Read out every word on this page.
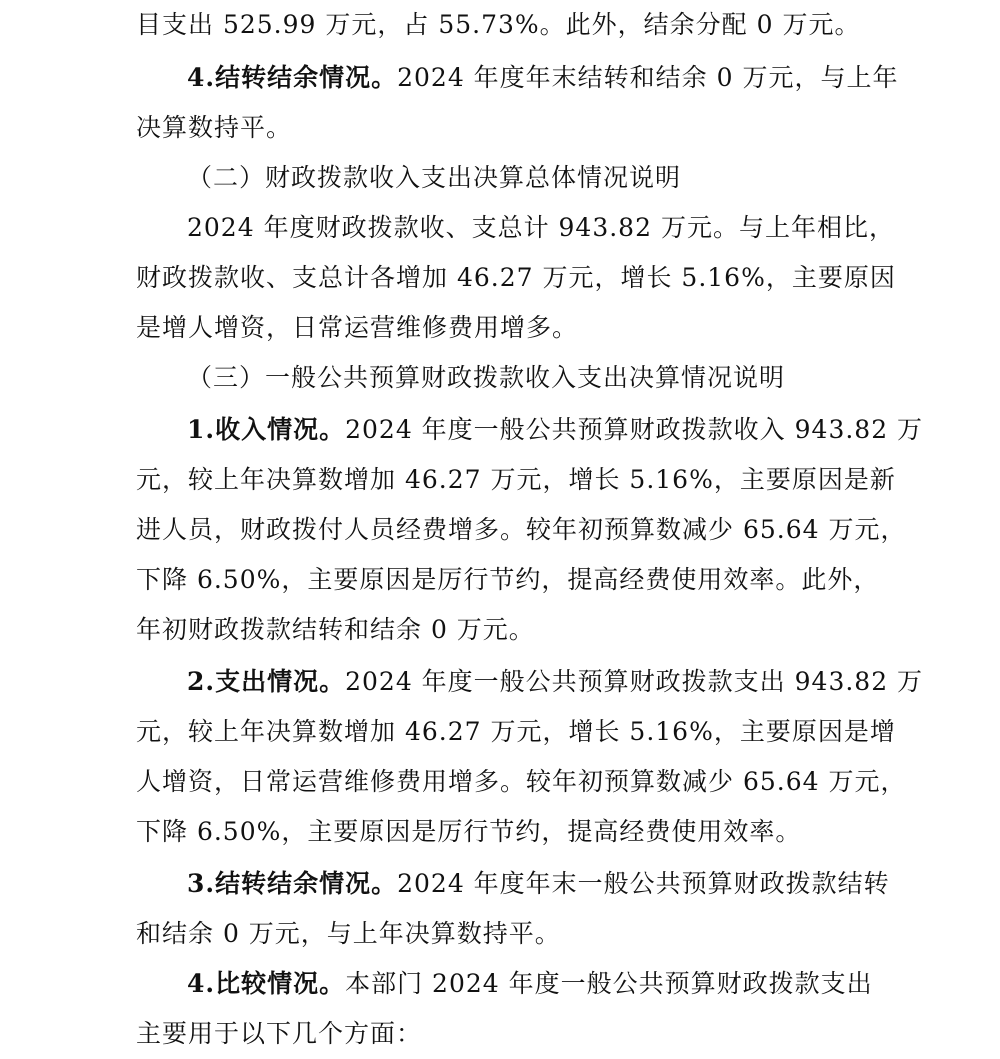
目支出 525.99 万元，占 55.73%。此外，结余分配 0 万元。
4.结转结余情况。2024 年度年末结转和结余 0 万元，与上年
决算数持平。
（二）财政拨款收入支出决算总体情况说明
2024 年度财政拨款收、支总计 943.82 万元。与上年相比，
财政拨款收、支总计各增加 46.27 万元，增长 5.16%，主要原因
是增人增资，日常运营维修费用增多。
（三）一般公共预算财政拨款收入支出决算情况说明
1.收入情况。2024 年度一般公共预算财政拨款收入 943.82 万
元，较上年决算数增加 46.27 万元，增长 5.16%，主要原因是新
进人员，财政拨付人员经费增多。较年初预算数减少 65.64 万元，
下降 6.50%，主要原因是厉行节约，提高经费使用效率。此外，
年初财政拨款结转和结余 0 万元。
2.支出情况。2024 年度一般公共预算财政拨款支出 943.82 万
元，较上年决算数增加 46.27 万元，增长 5.16%，主要原因是增
人增资，日常运营维修费用增多。较年初预算数减少 65.64 万元，
下降 6.50%，主要原因是厉行节约，提高经费使用效率。
3.结转结余情况。2024 年度年末一般公共预算财政拨款结转
和结余 0 万元，与上年决算数持平。
4.比较情况。本部门 2024 年度一般公共预算财政拨款支出
主要用于以下几个方面：
